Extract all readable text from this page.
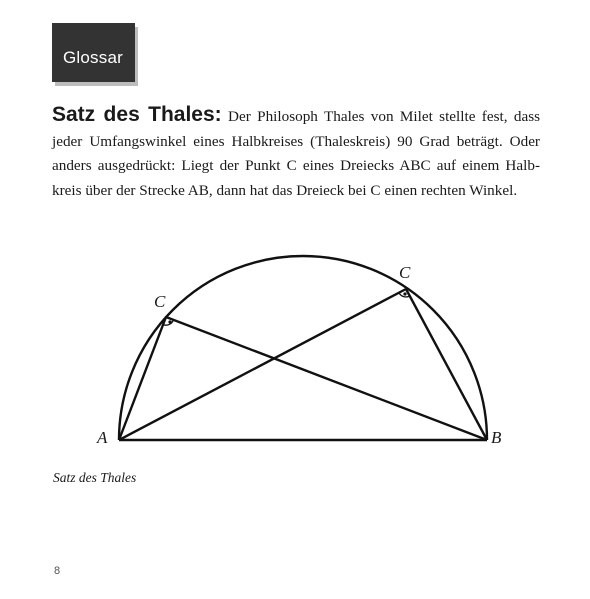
Glossar

Satz des Thales: Der Philosoph Thales von Milet stellte fest, dass jeder Umfangswinkel eines Halbkreises (Thaleskreis) 90 Grad beträgt. Oder anders ausgedrückt: Liegt der Punkt C eines Dreiecks ABC auf einem Halb-kreis über der Strecke AB, dann hat das Dreieck bei C einen rechten Winkel.

A	B
C
C
Satz des Thales
8
